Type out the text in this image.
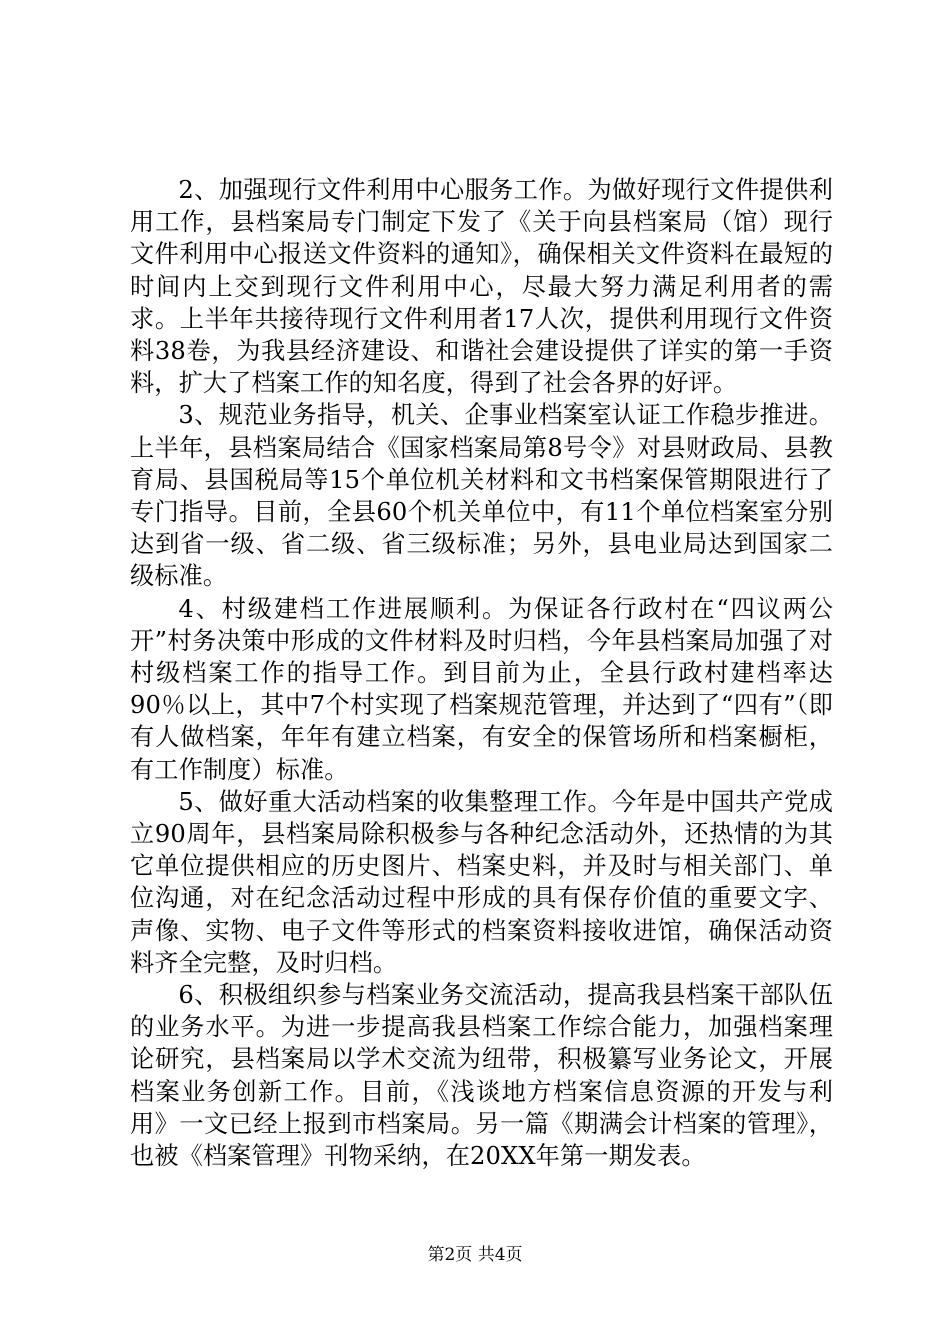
2、加强现行文件利用中心服务工作。为做好现行文件提供利用工作，县档案局专门制定下发了《关于向县档案局（馆）现行文件利用中心报送文件资料的通知》，确保相关文件资料在最短的时间内上交到现行文件利用中心，尽最大努力满足利用者的需求。上半年共接待现行文件利用者17人次，提供利用现行文件资料38卷，为我县经济建设、和谐社会建设提供了详实的第一手资料，扩大了档案工作的知名度，得到了社会各界的好评。

3、规范业务指导，机关、企事业档案室认证工作稳步推进。上半年，县档案局结合《国家档案局第8号令》对县财政局、县教育局、县国税局等15个单位机关材料和文书档案保管期限进行了专门指导。目前，全县60个机关单位中，有11个单位档案室分别达到省一级、省二级、省三级标准；另外，县电业局达到国家二级标准。

4、村级建档工作进展顺利。为保证各行政村在“四议两公开”村务决策中形成的文件材料及时归档，今年县档案局加强了对村级档案工作的指导工作。到目前为止，全县行政村建档率达90％以上，其中7个村实现了档案规范管理，并达到了“四有”（即有人做档案，年年有建立档案，有安全的保管场所和档案橱柜，有工作制度）标准。

5、做好重大活动档案的收集整理工作。今年是中国共产党成立90周年，县档案局除积极参与各种纪念活动外，还热情的为其它单位提供相应的历史图片、档案史料，并及时与相关部门、单位沟通，对在纪念活动过程中形成的具有保存价值的重要文字、声像、实物、电子文件等形式的档案资料接收进馆，确保活动资料齐全完整，及时归档。

6、积极组织参与档案业务交流活动，提高我县档案干部队伍的业务水平。为进一步提高我县档案工作综合能力，加强档案理论研究，县档案局以学术交流为纽带，积极纂写业务论文，开展档案业务创新工作。目前，《浅谈地方档案信息资源的开发与利用》一文已经上报到市档案局。另一篇《期满会计档案的管理》，也被《档案管理》刊物采纳，在20XX年第一期发表。

第2页 共4页
